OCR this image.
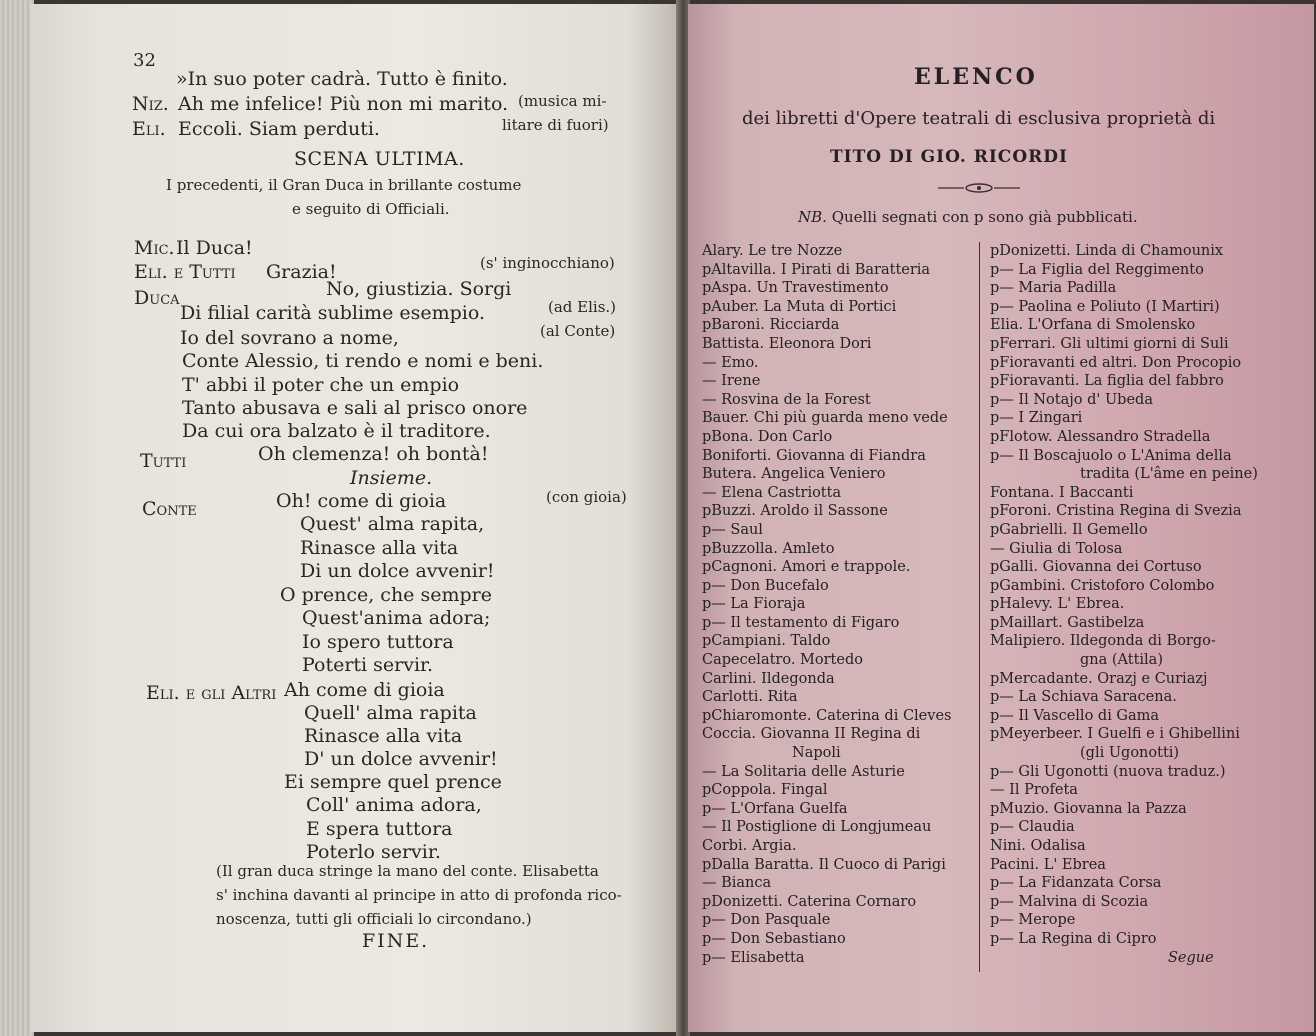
32
»In suo poter cadrà. Tutto è finito.
Niz. Ah me infelice! Più non mi marito. (musica mi-
Eli. Eccoli. Siam perduti.	litare di fuori)
SCENA ULTIMA.
I precedenti, il Gran Duca in brillante costume
e seguito di Officiali.
Mic. Il Duca!
Eli. e Tutti Grazia!	(s' inginocchiano)
Duca	No, giustizia. Sorgi
Di filial carità sublime esempio.	(ad Elis.)
Io del sovrano a nome,	(al Conte)
Conte Alessio, ti rendo e nomi e beni.
T' abbi il poter che un empio
Tanto abusava e sali al prisco onore
Da cui ora balzato è il traditore.
Tutti	Oh clemenza! oh bontà!
Insieme.
Conte
(con gioia)
Oh! come di gioia
Quest' alma rapita,
Rinasce alla vita
Di un dolce avvenir!
O prence, che sempre
Quest'anima adora;
Io spero tuttora
Poterti servir.
Eli. e gli Altri Ah come di gioia
Quell' alma rapita
Rinasce alla vita
D' un dolce avvenir!
Ei sempre quel prence
Coll' anima adora,
E spera tuttora
Poterlo servir.
(Il gran duca stringe la mano del conte. Elisabetta
s' inchina davanti al principe in atto di profonda rico-
noscenza, tutti gli officiali lo circondano.)
FINE.
ELENCO
dei libretti d'Opere teatrali di esclusiva proprietà di
TITO DI GIO. RICORDI
NB. Quelli segnati con p sono già pubblicati.
Alary. Le tre Nozze
pAltavilla. I Pirati di Baratteria
pAspa. Un Travestimento
pAuber. La Muta di Portici
pBaroni. Ricciarda
Battista. Eleonora Dori
— Emo.
— Irene
— Rosvina de la Forest
Bauer. Chi più guarda meno vede
pBona. Don Carlo
Boniforti. Giovanna di Fiandra
Butera. Angelica Veniero
— Elena Castriotta
pBuzzi. Aroldo il Sassone
p— Saul
pBuzzolla. Amleto
pCagnoni. Amori e trappole.
p— Don Bucefalo
p— La Fioraja
p— Il testamento di Figaro
pCampiani. Taldo
Capecelatro. Mortedo
Carlini. Ildegonda
Carlotti. Rita
pChiaromonte. Caterina di Cleves
Coccia. Giovanna II Regina di
Napoli
— La Solitaria delle Asturie
pCoppola. Fingal
p— L'Orfana Guelfa
— Il Postiglione di Longjumeau
Corbi. Argia.
pDalla Baratta. Il Cuoco di Parigi
— Bianca
pDonizetti. Caterina Cornaro
p— Don Pasquale
p— Don Sebastiano
p— Elisabetta
pDonizetti. Linda di Chamounix
p— La Figlia del Reggimento
p— Maria Padilla
p— Paolina e Poliuto (I Martiri)
Elia. L'Orfana di Smolensko
pFerrari. Gli ultimi giorni di Suli
pFioravanti ed altri. Don Procopio
pFioravanti. La figlia del fabbro
p— Il Notajo d' Ubeda
p— I Zingari
pFlotow. Alessandro Stradella
p— Il Boscajuolo o L'Anima della
tradita (L'âme en peine)
Fontana. I Baccanti
pForoni. Cristina Regina di Svezia
pGabrielli. Il Gemello
— Giulia di Tolosa
pGalli. Giovanna dei Cortuso
pGambini. Cristoforo Colombo
pHalevy. L' Ebrea.
pMaillart. Gastibelza
Malipiero. Ildegonda di Borgo-
gna (Attila)
pMercadante. Orazj e Curiazj
p— La Schiava Saracena.
p— Il Vascello di Gama
pMeyerbeer. I Guelfi e i Ghibellini
(gli Ugonotti)
p— Gli Ugonotti (nuova traduz.)
— Il Profeta
pMuzio. Giovanna la Pazza
p— Claudia
Nini. Odalisa
Pacini. L' Ebrea
p— La Fidanzata Corsa
p— Malvina di Scozia
p— Merope
p— La Regina di Cipro
Segue
